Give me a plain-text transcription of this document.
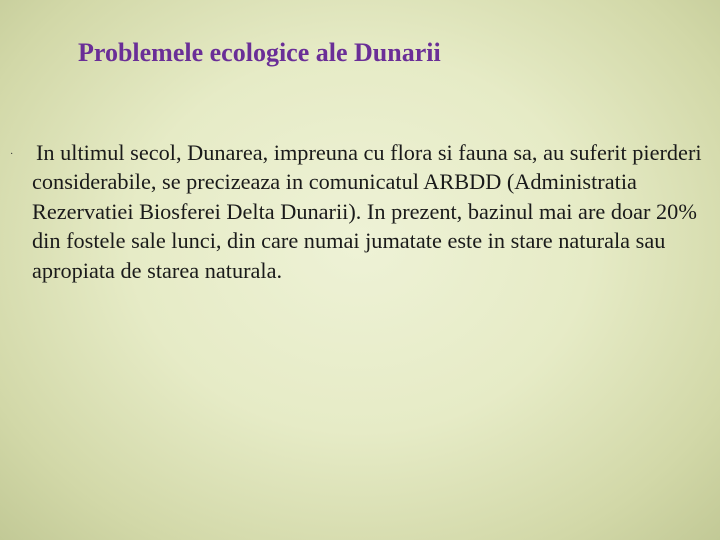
Problemele ecologice ale Dunarii
· In ultimul secol, Dunarea, impreuna cu flora si fauna sa, au suferit pierderi considerabile, se precizeaza in comunicatul ARBDD (Administratia Rezervatiei Biosferei Delta Dunarii). In prezent, bazinul mai are doar 20% din fostele sale lunci, din care numai jumatate este in stare naturala sau apropiata de starea naturala.
